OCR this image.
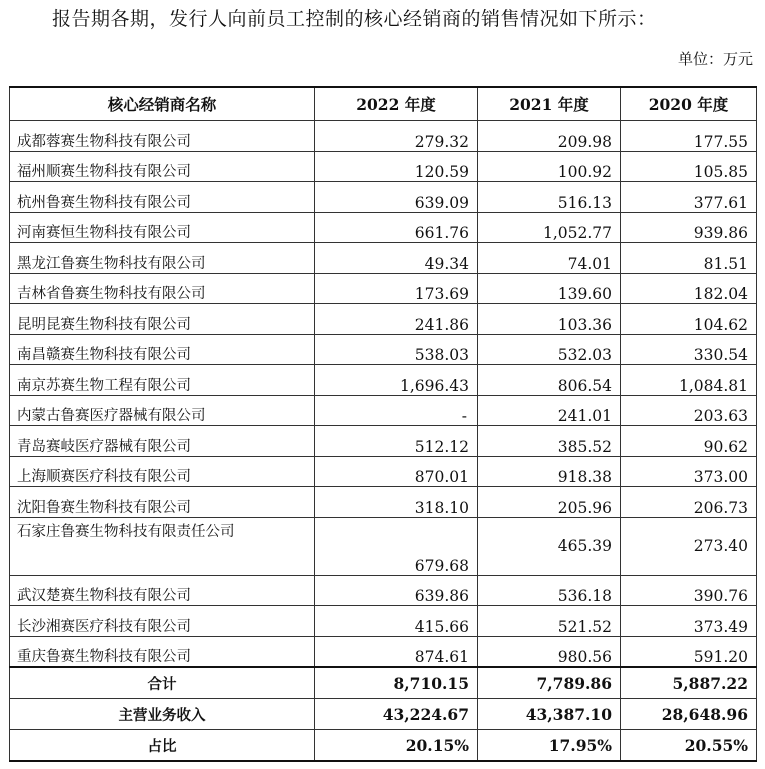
报告期各期，发行人向前员工控制的核心经销商的销售情况如下所示：
单位：万元
核心经销商名称	2022 年度	2021 年度	2020 年度
成都蓉赛生物科技有限公司	279.32	209.98	177.55
福州顺赛生物科技有限公司	120.59	100.92	105.85
杭州鲁赛生物科技有限公司	639.09	516.13	377.61
河南赛恒生物科技有限公司	661.76	1,052.77	939.86
黑龙江鲁赛生物科技有限公司	49.34	74.01	81.51
吉林省鲁赛生物科技有限公司	173.69	139.60	182.04
昆明昆赛生物科技有限公司	241.86	103.36	104.62
南昌赣赛生物科技有限公司	538.03	532.03	330.54
南京苏赛生物工程有限公司	1,696.43	806.54	1,084.81
内蒙古鲁赛医疗器械有限公司	-	241.01	203.63
青岛赛岐医疗器械有限公司	512.12	385.52	90.62
上海顺赛医疗科技有限公司	870.01	918.38	373.00
沈阳鲁赛生物科技有限公司	318.10	205.96	206.73
石家庄鲁赛生物科技有限责任公司	679.68	465.39	273.40
武汉楚赛生物科技有限公司	639.86	536.18	390.76
长沙湘赛医疗科技有限公司	415.66	521.52	373.49
重庆鲁赛生物科技有限公司	874.61	980.56	591.20
合计	8,710.15	7,789.86	5,887.22
主营业务收入	43,224.67	43,387.10	28,648.96
占比	20.15%	17.95%	20.55%
